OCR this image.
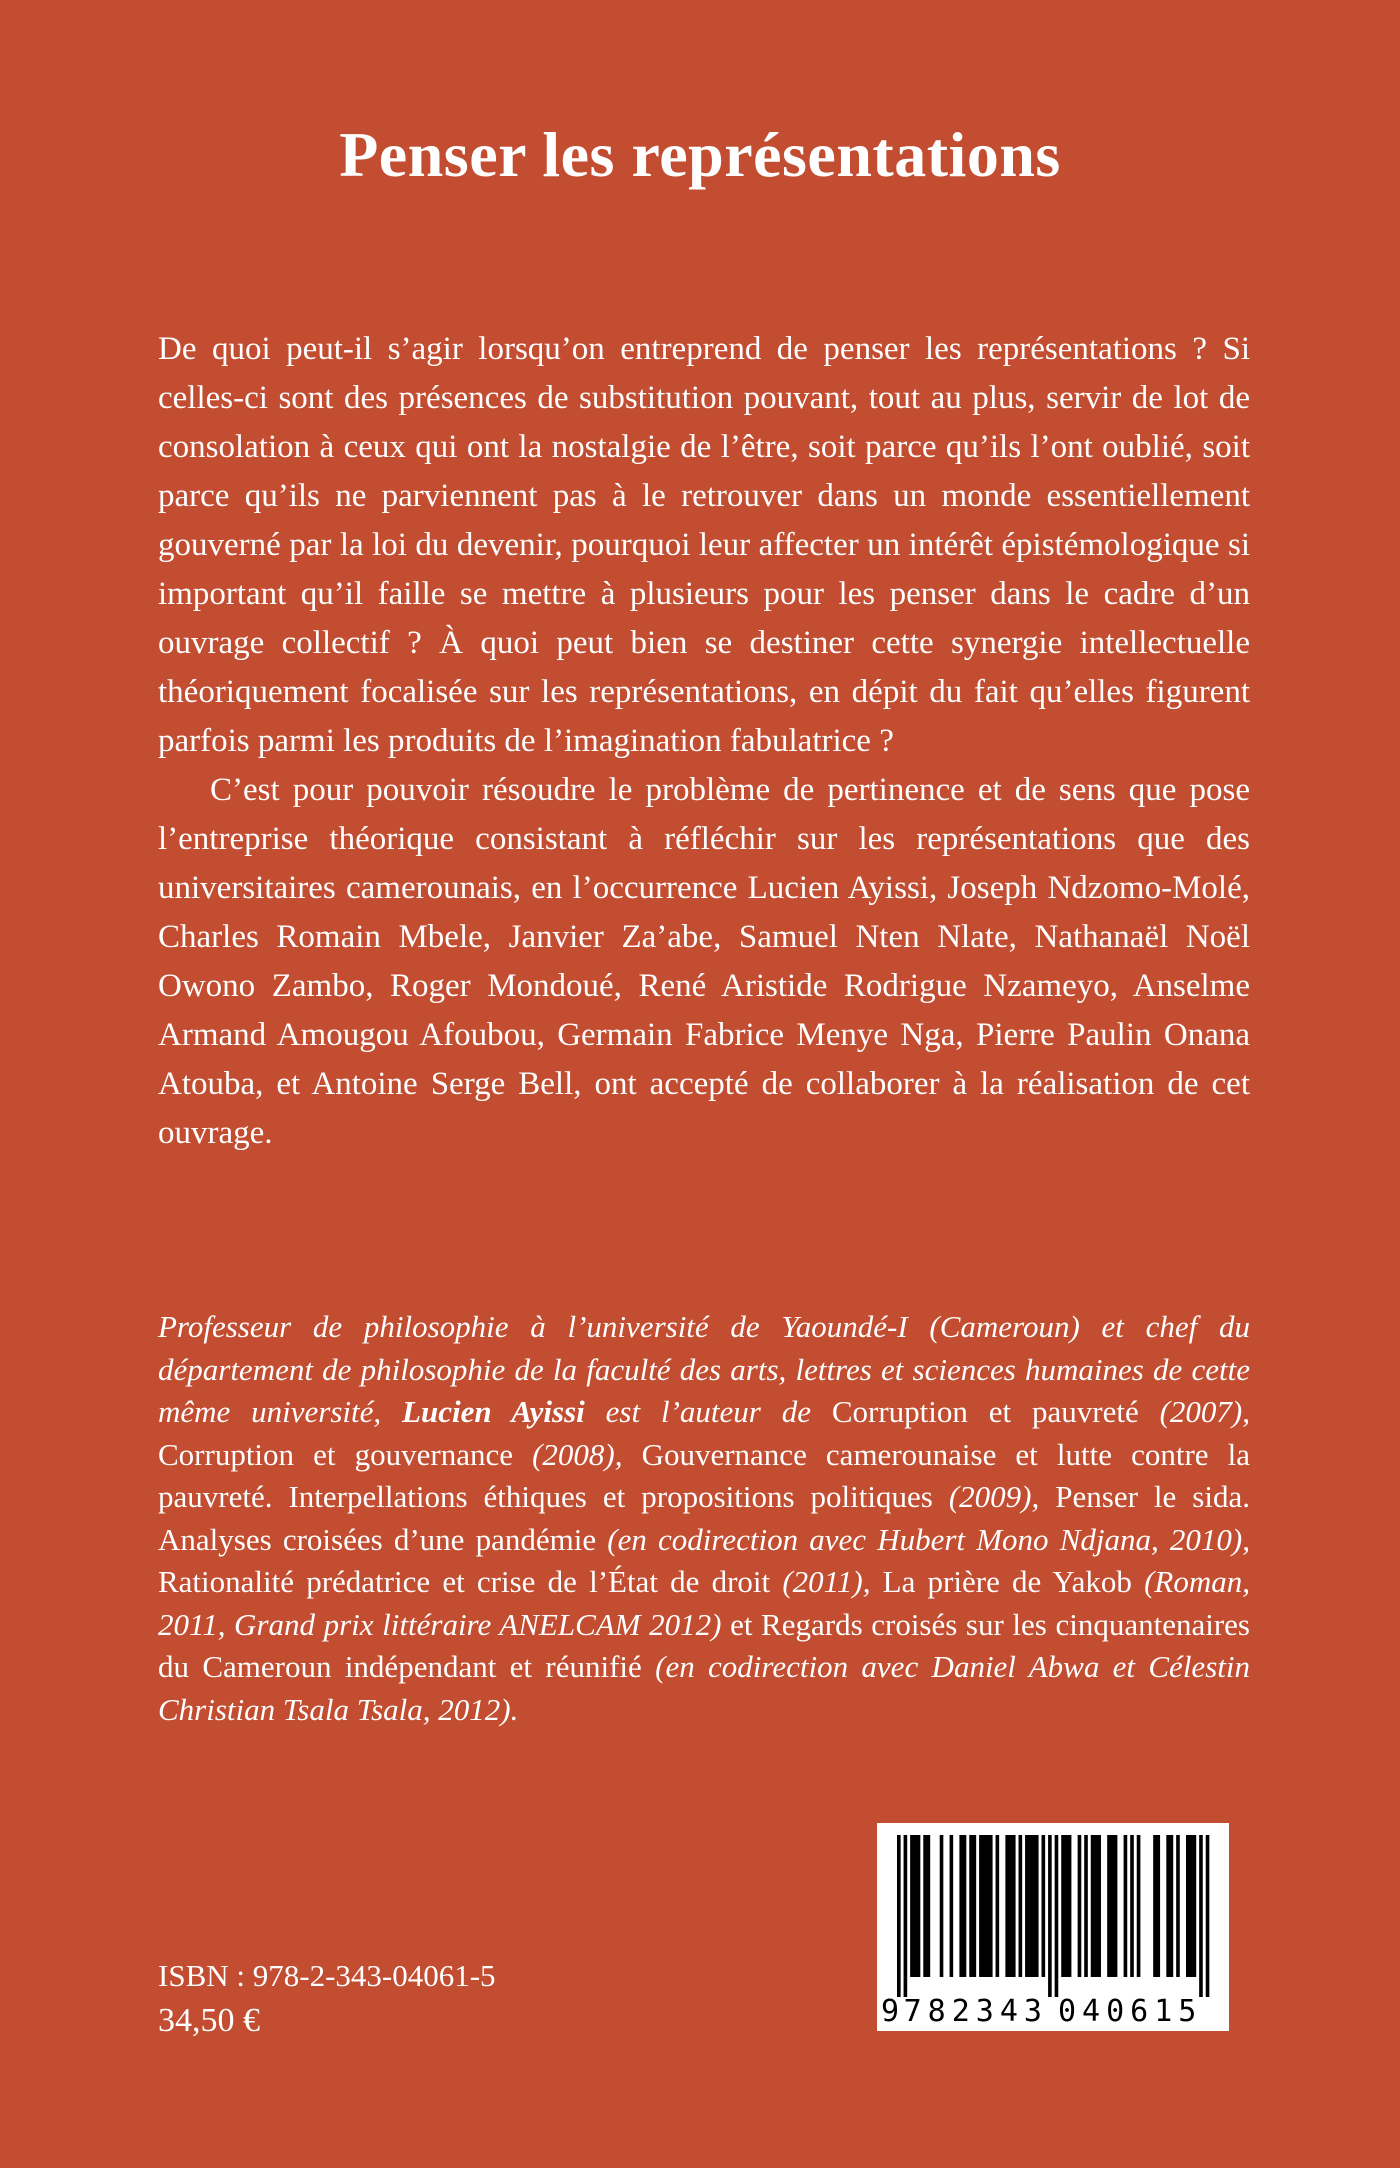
Penser les représentations

De quoi peut-il s’agir lorsqu’on entreprend de penser les représentations ? Si celles-ci sont des présences de substitution pouvant, tout au plus, servir de lot de consolation à ceux qui ont la nostalgie de l’être, soit parce qu’ils l’ont oublié, soit parce qu’ils ne parviennent pas à le retrouver dans un monde essentiellement gouverné par la loi du devenir, pourquoi leur affecter un intérêt épistémologique si important qu’il faille se mettre à plusieurs pour les penser dans le cadre d’un ouvrage collectif ? À quoi peut bien se destiner cette synergie intellectuelle théoriquement focalisée sur les représentations, en dépit du fait qu’elles figurent parfois parmi les produits de l’imagination fabulatrice ?

C’est pour pouvoir résoudre le problème de pertinence et de sens que pose l’entreprise théorique consistant à réfléchir sur les représentations que des universitaires camerounais, en l’occurrence Lucien Ayissi, Joseph Ndzomo-Molé, Charles Romain Mbele, Janvier Za’abe, Samuel Nten Nlate, Nathanaël Noël Owono Zambo, Roger Mondoué, René Aristide Rodrigue Nzameyo, Anselme Armand Amougou Afoubou, Germain Fabrice Menye Nga, Pierre Paulin Onana Atouba, et Antoine Serge Bell, ont accepté de collaborer à la réalisation de cet ouvrage.

Professeur de philosophie à l’université de Yaoundé-I (Cameroun) et chef du département de philosophie de la faculté des arts, lettres et sciences humaines de cette même université, Lucien Ayissi est l’auteur de Corruption et pauvreté (2007), Corruption et gouvernance (2008), Gouvernance camerounaise et lutte contre la pauvreté. Interpellations éthiques et propositions politiques (2009), Penser le sida. Analyses croisées d’une pandémie (en codirection avec Hubert Mono Ndjana, 2010), Rationalité prédatrice et crise de l’État de droit (2011), La prière de Yakob (Roman, 2011, Grand prix littéraire ANELCAM 2012) et Regards croisés sur les cinquantenaires du Cameroun indépendant et réunifié (en codirection avec Daniel Abwa et Célestin Christian Tsala Tsala, 2012).

ISBN : 978-2-343-04061-5
34,50 €	9
782343 040615
